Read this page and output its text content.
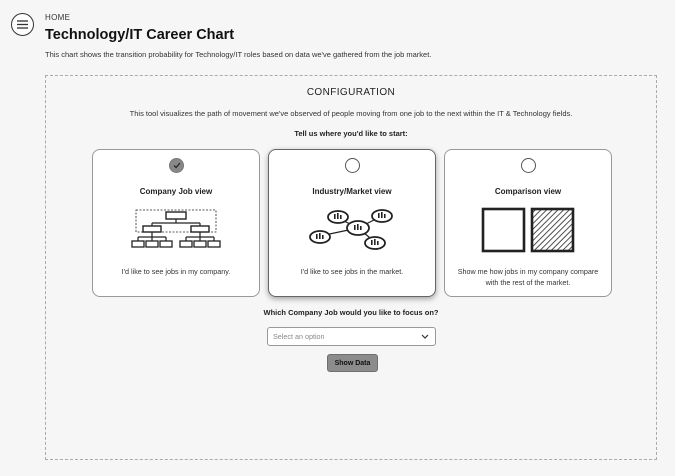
HOME
Technology/IT Career Chart
This chart shows the transition probability for Technology/IT roles based on data we've gathered from the job market.
CONFIGURATION
This tool visualizes the path of movement we've observed of people moving from one job to the next within the IT & Technology fields.
Tell us where you'd like to start:
Company Job view
I'd like to see jobs in my company.
Industry/Market view
I'd like to see jobs in the market.
Comparison view
Show me how jobs in my company compare with the rest of the market.
Which Company Job would you like to focus on?
Select an option
Show Data
